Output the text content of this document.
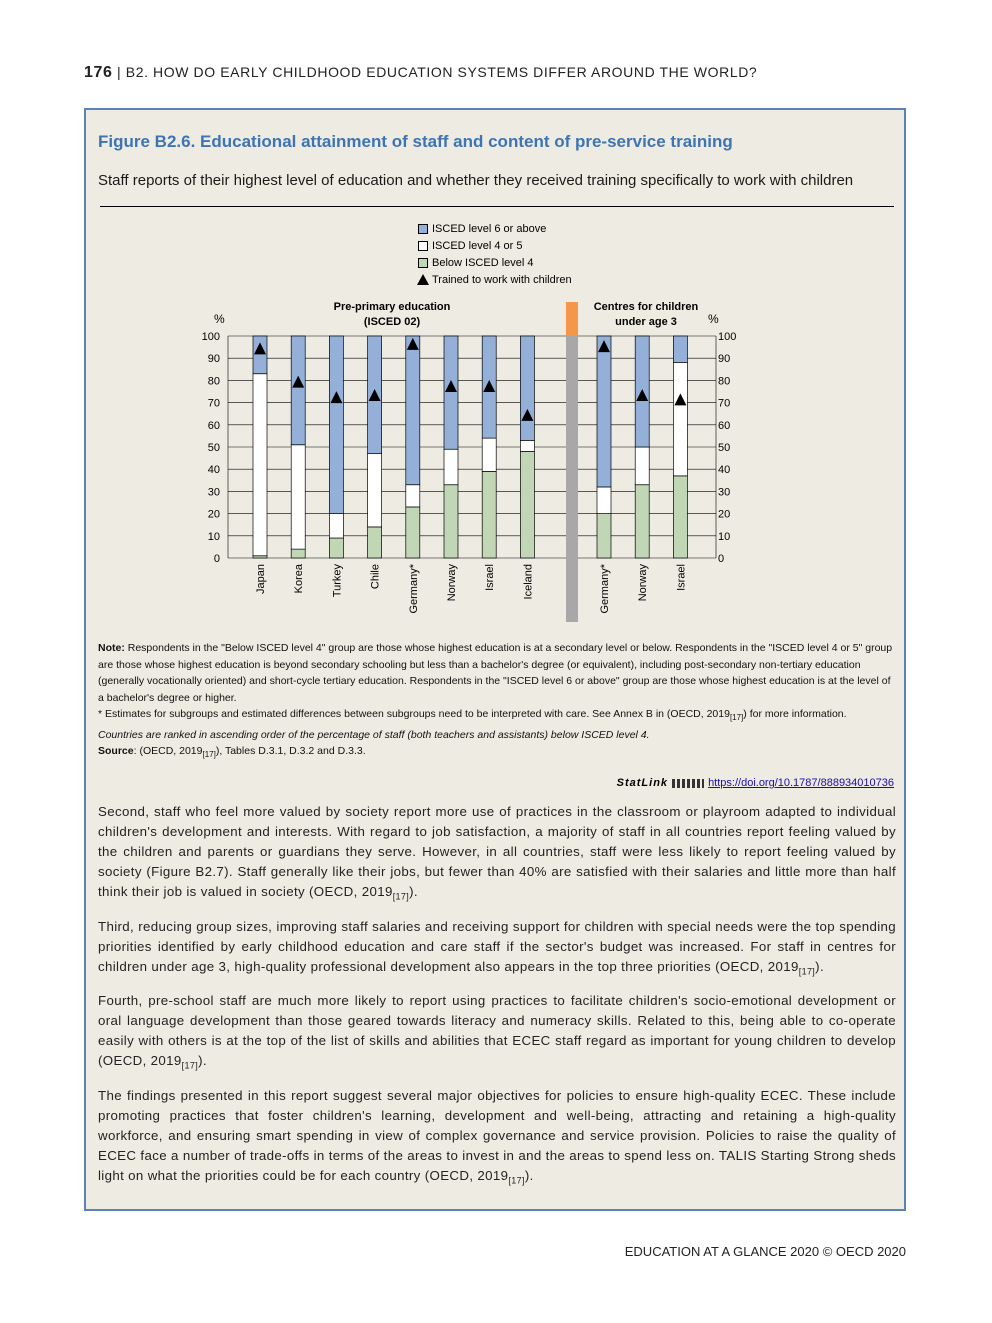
176 | B2. HOW DO EARLY CHILDHOOD EDUCATION SYSTEMS DIFFER AROUND THE WORLD?
Figure B2.6. Educational attainment of staff and content of pre-service training
Staff reports of their highest level of education and whether they received training specifically to work with children
ISCED level 6 or above
ISCED level 4 or 5
Below ISCED level 4
Trained to work with children
0	0
10	10
20	20
30	30
40	40
50	50
60	60
70	70
80	80
90	90
100	100
%	%
Pre-primary education
(ISCED 02)
Centres for children
under age 3
Japan Korea Turkey Chile Germany* Norway Israel Iceland	Germany* Norway Israel
Note: Respondents in the "Below ISCED level 4" group are those whose highest education is at a secondary level or below. Respondents in the "ISCED level 4 or 5" group are those whose highest education is beyond secondary schooling but less than a bachelor's degree (or equivalent), including post-secondary non-tertiary education (generally vocationally oriented) and short-cycle tertiary education. Respondents in the "ISCED level 6 or above" group are those whose highest education is at the level of a bachelor's degree or higher.
* Estimates for subgroups and estimated differences between subgroups need to be interpreted with care. See Annex B in (OECD, $2019_{[17]}$) for more information.
Countries are ranked in ascending order of the percentage of staff (both teachers and assistants) below ISCED level 4.
Source: (OECD, $2019_{[17]}$), Tables D.3.1, D.3.2 and D.3.3.
StatLink	https://doi.org/10.1787/888934010736

Second, staff who feel more valued by society report more use of practices in the classroom or playroom adapted to individual children's development and interests. With regard to job satisfaction, a majority of staff in all countries report feeling valued by the children and parents or guardians they serve. However, in all countries, staff were less likely to report feeling valued by society (Figure B2.7). Staff generally like their jobs, but fewer than 40% are satisfied with their salaries and little more than half think their job is valued in society (OECD, $2019_{[17]}$).

Third, reducing group sizes, improving staff salaries and receiving support for children with special needs were the top spending priorities identified by early childhood education and care staff if the sector's budget was increased. For staff in centres for children under age 3, high-quality professional development also appears in the top three priorities (OECD, $2019_{[17]}$).

Fourth, pre-school staff are much more likely to report using practices to facilitate children's socio-emotional development or oral language development than those geared towards literacy and numeracy skills. Related to this, being able to co-operate easily with others is at the top of the list of skills and abilities that ECEC staff regard as important for young children to develop (OECD, $2019_{[17]}$).

The findings presented in this report suggest several major objectives for policies to ensure high-quality ECEC. These include promoting practices that foster children's learning, development and well-being, attracting and retaining a high-quality workforce, and ensuring smart spending in view of complex governance and service provision. Policies to raise the quality of ECEC face a number of trade-offs in terms of the areas to invest in and the areas to spend less on. TALIS Starting Strong sheds light on what the priorities could be for each country (OECD, $2019_{[17]}$).

EDUCATION AT A GLANCE 2020 © OECD 2020
